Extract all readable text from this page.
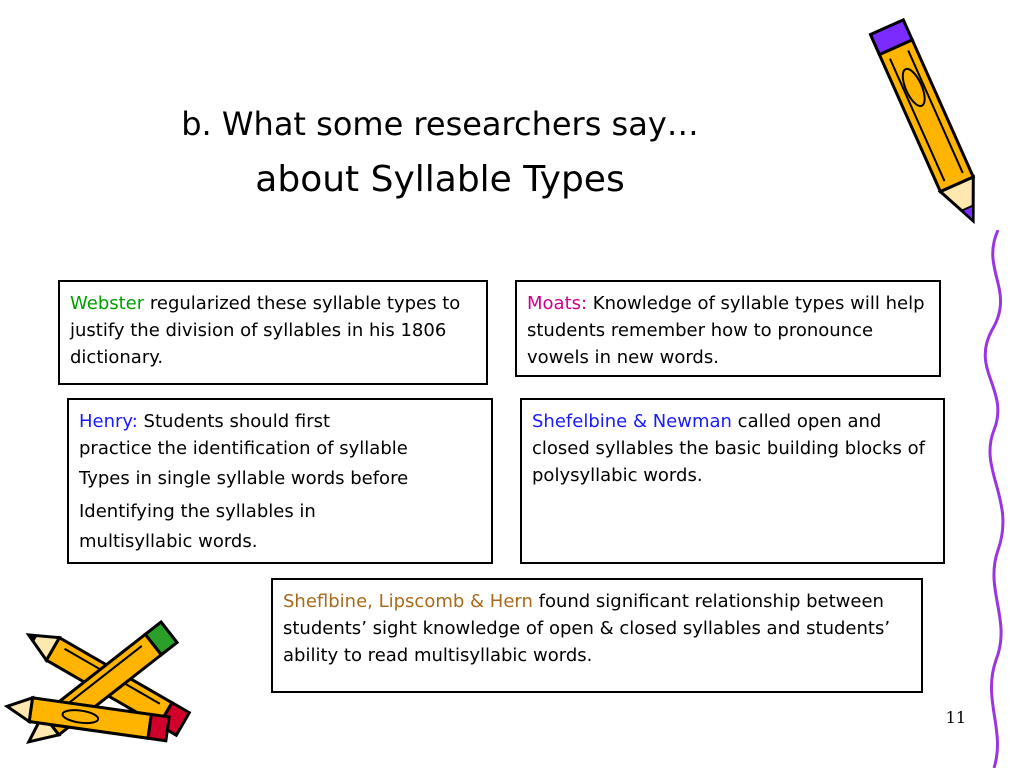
b. What some researchers say…
about Syllable Types
Webster regularized these syllable types to justify the division of syllables in his 1806 dictionary.
Moats: Knowledge of syllable types will help students remember how to pronounce vowels in new words.
Henry: Students should first
practice the identification of syllable
Types in single syllable words before
Identifying the syllables in
multisyllabic words.
Shefelbine & Newman called open and closed syllables the basic building blocks of polysyllabic words.
Sheflbine, Lipscomb & Hern found significant relationship between students’ sight knowledge of open & closed syllables and students’ ability to read multisyllabic words.
11
